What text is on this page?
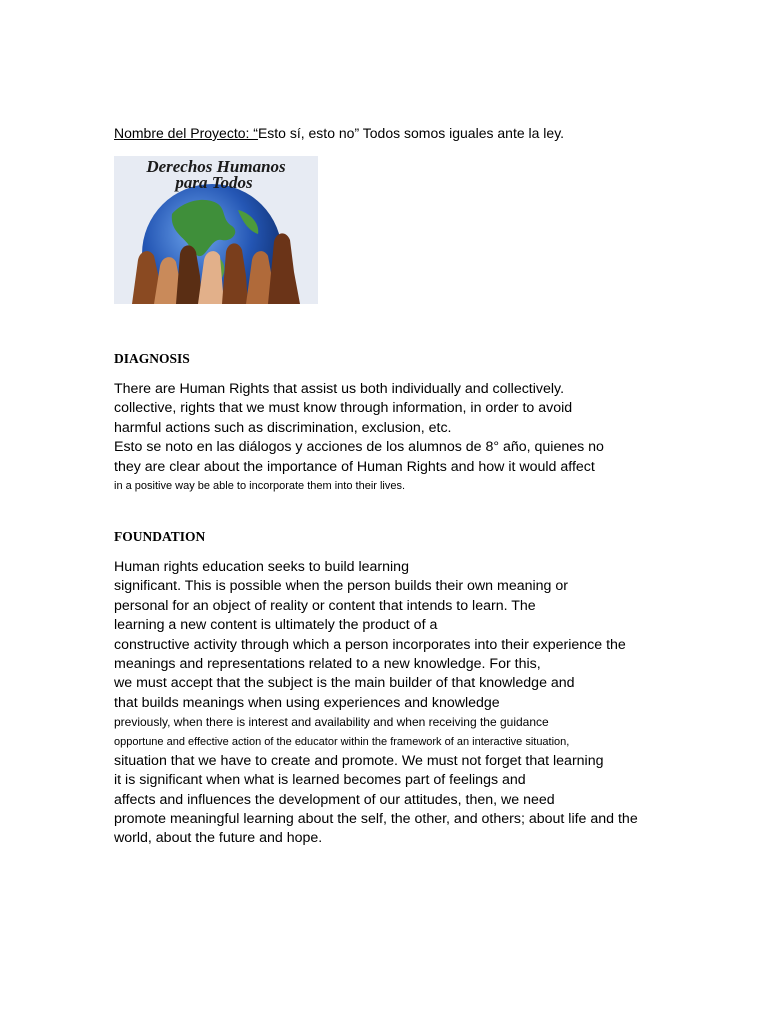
Nombre del Proyecto: “Esto sí, esto no” Todos somos iguales ante la ley.
Derechos Humanos
para Todos
DIAGNOSIS
There are Human Rights that assist us both individually and collectively.
collective, rights that we must know through information, in order to avoid
harmful actions such as discrimination, exclusion, etc.
Esto se noto en las diálogos y acciones de los alumnos de 8° año, quienes no
they are clear about the importance of Human Rights and how it would affect
in a positive way be able to incorporate them into their lives.
FOUNDATION
Human rights education seeks to build learning
significant. This is possible when the person builds their own meaning or
personal for an object of reality or content that intends to learn. The
learning a new content is ultimately the product of a
constructive activity through which a person incorporates into their experience the
meanings and representations related to a new knowledge. For this,
we must accept that the subject is the main builder of that knowledge and
that builds meanings when using experiences and knowledge
previously, when there is interest and availability and when receiving the guidance
opportune and effective action of the educator within the framework of an interactive situation,
situation that we have to create and promote. We must not forget that learning
it is significant when what is learned becomes part of feelings and
affects and influences the development of our attitudes, then, we need
promote meaningful learning about the self, the other, and others; about life and the
world, about the future and hope.
